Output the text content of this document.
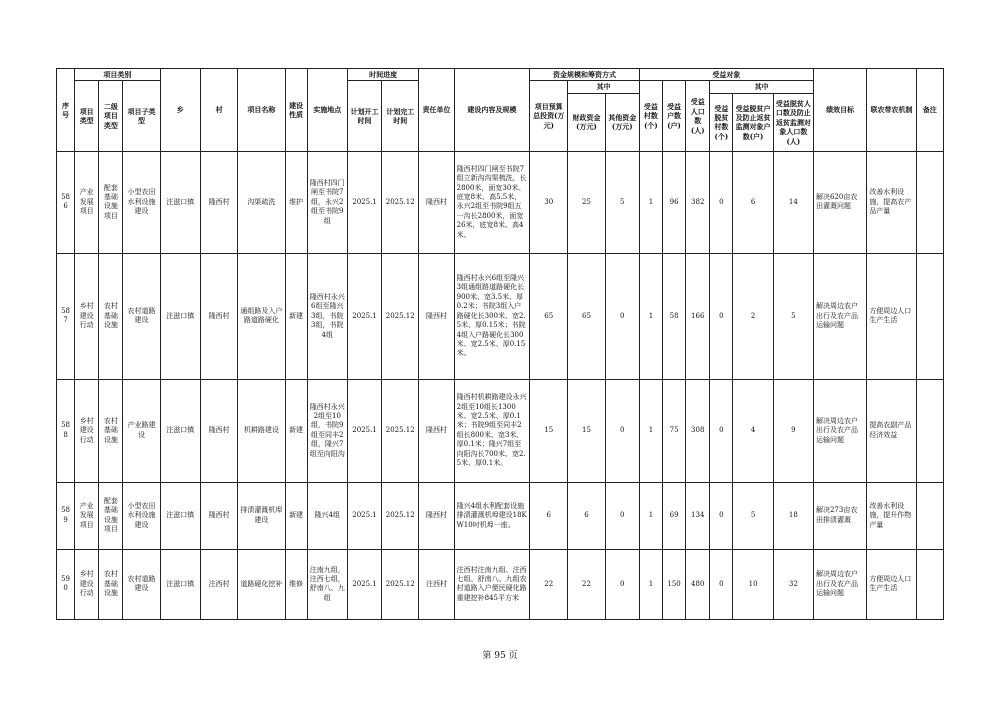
序号	项目类别			乡	村	项目名称	建设性质	实施地点	时间进度		责任单位	建设内容及规模	资金规模和筹资方式			受益对象						绩效目标	联农带农机制	备注
	项目类型	二级项目类型	项目子类型						计划开工时间	计划完工时间			项目预算总投资(万元)	其中		受益村数(个)	受益户数(户)	受益人口数(人)	其中					
														财政资金(万元)	其他资金(万元)				受益脱贫村数(个)	受益脱贫户及防止返贫监测对象户数(户)	受益脱贫人口数及防止返贫监测对象人口数(人)			
586	产业发展项目	配套基础设施项目	小型农田水利设施建设	注滋口镇	隆西村	沟渠疏洗	维护	隆西村四门闸至书院7组，永兴2组至书院9组	2025.1	2025.12	隆西村	隆西村四门闸至书院7组立新沟沟渠梳洗，长2800米，面宽30米、底宽8米、高5.5米，永兴2组至书院9组五一沟长2800米，面宽26米，底宽8米、高4米。	30	25	5	1	96	382	0	6	14	解决620亩农田灌溉问题	改善水利设施，提高农产品产量	
587	乡村建设行动	农村基础设施	农村道路建设	注滋口镇	隆西村	通组路及入户路道路硬化	新建	隆西村永兴6组至隆兴3组，书院3组，书院4组	2025.1	2025.12	隆西村	隆西村永兴6组至隆兴3组通组路道路硬化长900米、宽3.5米、厚0.2米；书院3组入户路硬化长300米、宽2.5米、厚0.15米；书院4组入户路硬化长300米、宽2.5米、厚0.15米。	65	65	0	1	58	166	0	2	5	解决周边农户出行及农产品运输问题	方便周边人口生产生活	
588	乡村建设行动	农村基础设施	产业路建设	注滋口镇	隆西村	机耕路建设	新建	隆西村永兴2组至10组，书院9组至同丰2组，隆兴7组至向阳沟	2025.1	2025.12	隆西村	隆西村机耕路建设永兴2组至10组长1300米、宽2.5米、厚0.1米；书院9组至同丰2组长800米、宽3米、厚0.1米；隆兴7组至向阳沟长700米、宽2.5米、厚0.1米。	15	15	0	1	75	308	0	4	9	解决周边农户出行及农产品运输问题	提高农副产品经济效益	
589	产业发展项目	配套基础设施项目	小型农田水利设施建设	注滋口镇	隆西村	排渍灌溉机埠建设	新建	隆兴4组	2025.1	2025.12	隆西村	隆兴4组水利配套设施排渍灌溉机埠建设18KW10吋机埠一座。	6	6	0	1	69	134	0	5	18	解决273亩农田排渍灌溉	改善水利设施，提升作物产量	
590	乡村建设行动	农村基础设施	农村道路建设	注滋口镇	注西村	道路硬化挖补	维修	注南九组，注西七组，舒南八、九组	2025.1	2025.12	注西村	注西村注南九组、注西七组、舒南八、九组农村道路入户便民硬化路重建挖补845平方米	22	22	0	1	150	480	0	10	32	解决周边农户出行及农产品运输问题	方便周边人口生产生活	
第 95 页
